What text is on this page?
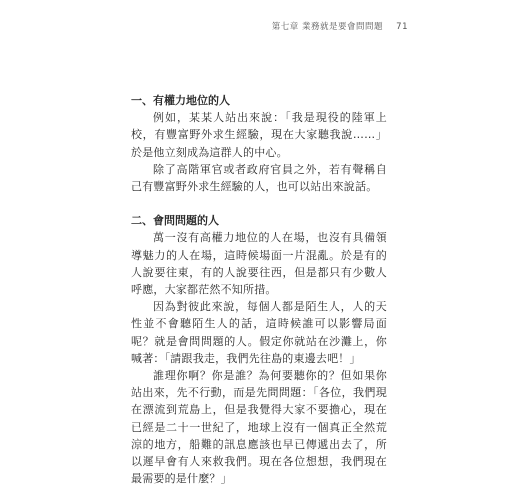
第七章 業務就是要會問問題 71

一、有權力地位的人

例如，某某人站出來說：「我是現役的陸軍上校，有豐富野外求生經驗，現在大家聽我說……」於是他立刻成為這群人的中心。

除了高階軍官或者政府官員之外，若有聲稱自己有豐富野外求生經驗的人，也可以站出來說話。

二、會問問題的人

萬一沒有高權力地位的人在場，也沒有具備領導魅力的人在場，這時候場面一片混亂。於是有的人說要往東，有的人說要往西，但是都只有少數人呼應，大家都茫然不知所措。

因為對彼此來說，每個人都是陌生人，人的天性並不會聽陌生人的話，這時候誰可以影響局面呢？就是會問問題的人。假定你就站在沙灘上，你喊著：「請跟我走，我們先往島的東邊去吧！」

誰理你啊？你是誰？為何要聽你的？但如果你站出來，先不行動，而是先問問題：「各位，我們現在漂流到荒島上，但是我覺得大家不要擔心，現在已經是二十一世紀了，地球上沒有一個真正全然荒涼的地方，船難的訊息應該也早已傳遞出去了，所以遲早會有人來救我們。現在各位想想，我們現在最需要的是什麼？」
